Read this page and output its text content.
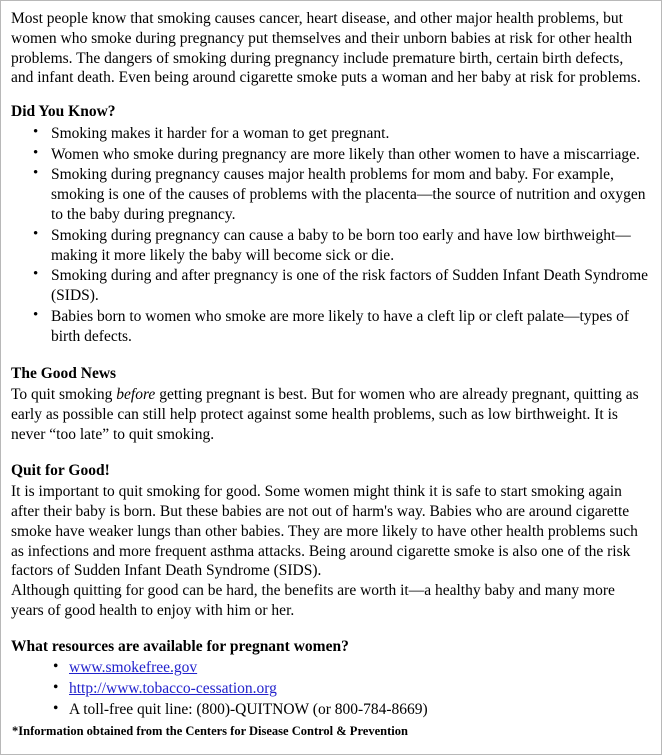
Most people know that smoking causes cancer, heart disease, and other major health problems, but women who smoke during pregnancy put themselves and their unborn babies at risk for other health problems. The dangers of smoking during pregnancy include premature birth, certain birth defects, and infant death. Even being around cigarette smoke puts a woman and her baby at risk for problems.

Did You Know?
• Smoking makes it harder for a woman to get pregnant.
• Women who smoke during pregnancy are more likely than other women to have a miscarriage.
• Smoking during pregnancy causes major health problems for mom and baby. For example, smoking is one of the causes of problems with the placenta—the source of nutrition and oxygen to the baby during pregnancy.
• Smoking during pregnancy can cause a baby to be born too early and have low birthweight—making it more likely the baby will become sick or die.
• Smoking during and after pregnancy is one of the risk factors of Sudden Infant Death Syndrome (SIDS).
• Babies born to women who smoke are more likely to have a cleft lip or cleft palate—types of birth defects.
The Good News

To quit smoking before getting pregnant is best. But for women who are already pregnant, quitting as early as possible can still help protect against some health problems, such as low birthweight. It is never “too late” to quit smoking.

Quit for Good!

It is important to quit smoking for good. Some women might think it is safe to start smoking again after their baby is born. But these babies are not out of harm's way. Babies who are around cigarette smoke have weaker lungs than other babies. They are more likely to have other health problems such as infections and more frequent asthma attacks. Being around cigarette smoke is also one of the risk factors of Sudden Infant Death Syndrome (SIDS).

Although quitting for good can be hard, the benefits are worth it—a healthy baby and many more years of good health to enjoy with him or her.

What resources are available for pregnant women?
• www.smokefree.gov
• http://www.tobacco-cessation.org
• A toll-free quit line: (800)-QUITNOW (or 800-784-8669)
*Information obtained from the Centers for Disease Control & Prevention
